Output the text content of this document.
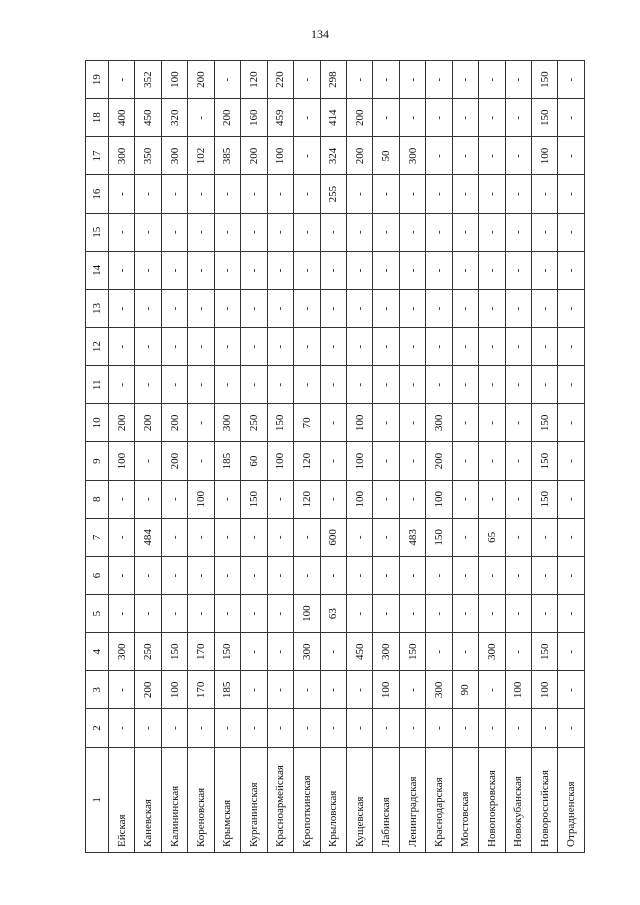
134
1	2	3	4	5	6	7	8	9	10	11	12	13	14	15	16	17	18	19
Ейская	-	-	300	-	-	-	-	100	200	-	-	-	-	-	-	300	400	-
Каневская	-	200	250	-	-	484	-	-	200	-	-	-	-	-	-	350	450	352
Калининская	-	100	150	-	-	-	-	200	200	-	-	-	-	-	-	300	320	100
Кореновская	-	170	170	-	-	-	100	-	-	-	-	-	-	-	-	102	-	200
Крымская	-	185	150	-	-	-	-	185	300	-	-	-	-	-	-	385	200	-
Курганинская	-	-	-	-	-	-	150	60	250	-	-	-	-	-	-	200	160	120
Красноармейская	-	-	-	-	-	-	-	100	150	-	-	-	-	-	-	100	459	220
Кропоткинская	-	-	300	100	-	-	120	120	70	-	-	-	-	-	-	-	-	-
Крыловская	-	-	-	63	-	600	-	-	-	-	-	-	-	-	255	324	414	298
Кущевская	-	-	450	-	-	-	100	100	100	-	-	-	-	-	-	200	200	-
Лабинская	-	100	300	-	-	-	-	-	-	-	-	-	-	-	-	50	-	-
Ленинградская	-	-	150	-	-	483	-	-	-	-	-	-	-	-	-	300	-	-
Краснодарская	-	300	-	-	-	150	100	200	300	-	-	-	-	-	-	-	-	-
Мостовская	-	90	-	-	-	-	-	-	-	-	-	-	-	-	-	-	-	-
Новопокровская	-	-	300	-	-	65	-	-	-	-	-	-	-	-	-	-	-	-
Новокубанская	-	100	-	-	-	-	-	-	-	-	-	-	-	-	-	-	-	-
Новороссийская	-	100	150	-	-	-	150	150	150	-	-	-	-	-	-	100	150	150
Отрадненская	-	-	-	-	-	-	-	-	-	-	-	-	-	-	-	-	-	-
